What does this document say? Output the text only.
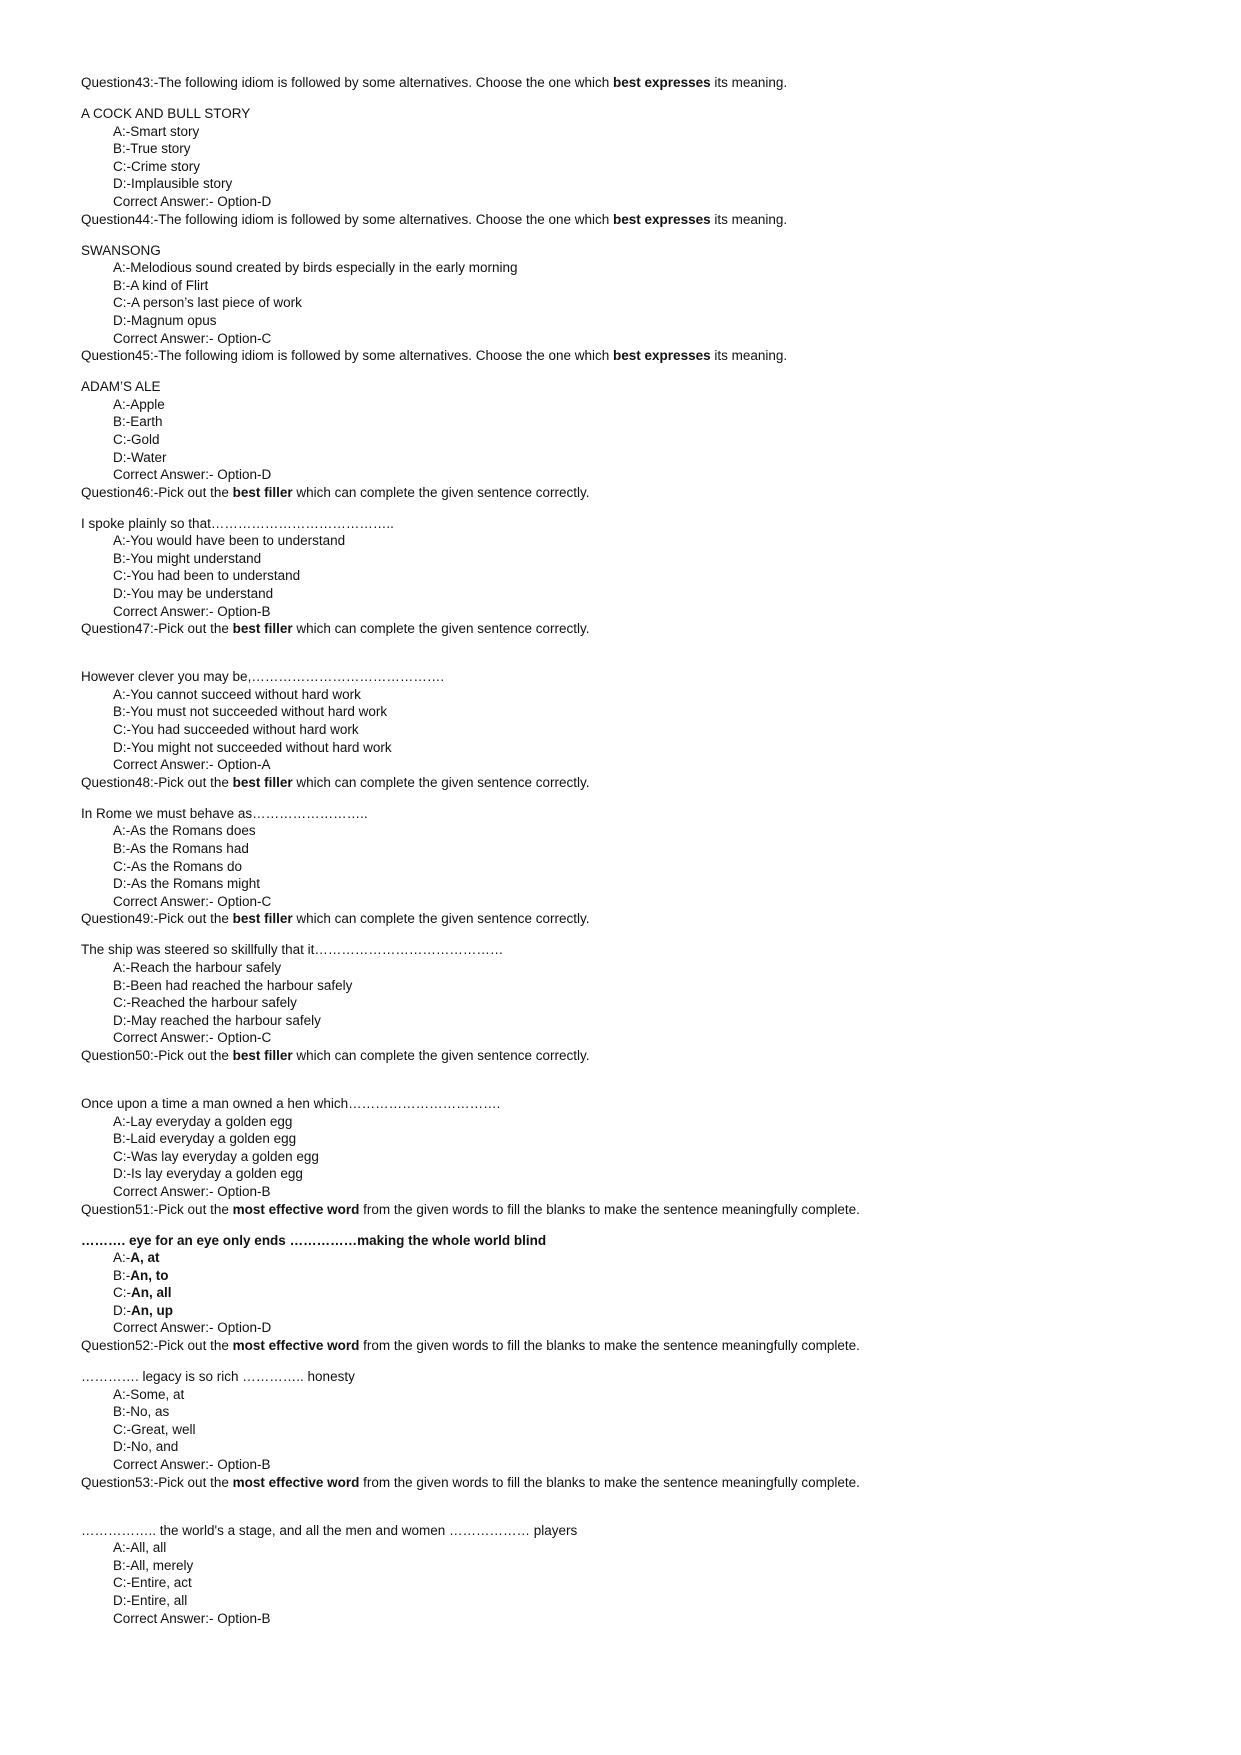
Question43:-The following idiom is followed by some alternatives. Choose the one which best expresses its meaning.
A COCK AND BULL STORY
A:-Smart story
B:-True story
C:-Crime story
D:-Implausible story
Correct Answer:- Option-D
Question44:-The following idiom is followed by some alternatives. Choose the one which best expresses its meaning.
SWANSONG
A:-Melodious sound created by birds especially in the early morning
B:-A kind of Flirt
C:-A person’s last piece of work
D:-Magnum opus
Correct Answer:- Option-C
Question45:-The following idiom is followed by some alternatives. Choose the one which best expresses its meaning.
ADAM’S ALE
A:-Apple
B:-Earth
C:-Gold
D:-Water
Correct Answer:- Option-D
Question46:-Pick out the best filler which can complete the given sentence correctly.
I spoke plainly so that…………………………………..
A:-You would have been to understand
B:-You might understand
C:-You had been to understand
D:-You may be understand
Correct Answer:- Option-B
Question47:-Pick out the best filler which can complete the given sentence correctly.
However clever you may be,…………………………………….
A:-You cannot succeed without hard work
B:-You must not succeeded without hard work
C:-You had succeeded without hard work
D:-You might not succeeded without hard work
Correct Answer:- Option-A
Question48:-Pick out the best filler which can complete the given sentence correctly.
In Rome we must behave as……………………..
A:-As the Romans does
B:-As the Romans had
C:-As the Romans do
D:-As the Romans might
Correct Answer:- Option-C
Question49:-Pick out the best filler which can complete the given sentence correctly.
The ship was steered so skillfully that it……………………………………
A:-Reach the harbour safely
B:-Been had reached the harbour safely
C:-Reached the harbour safely
D:-May reached the harbour safely
Correct Answer:- Option-C
Question50:-Pick out the best filler which can complete the given sentence correctly.
Once upon a time a man owned a hen which…………………………….
A:-Lay everyday a golden egg
B:-Laid everyday a golden egg
C:-Was lay everyday a golden egg
D:-Is lay everyday a golden egg
Correct Answer:- Option-B
Question51:-Pick out the most effective word from the given words to fill the blanks to make the sentence meaningfully complete.
………. eye for an eye only ends ……………making the whole world blind
A:-A, at
B:-An, to
C:-An, all
D:-An, up
Correct Answer:- Option-D
Question52:-Pick out the most effective word from the given words to fill the blanks to make the sentence meaningfully complete.
…………. legacy is so rich ………….. honesty
A:-Some, at
B:-No, as
C:-Great, well
D:-No, and
Correct Answer:- Option-B
Question53:-Pick out the most effective word from the given words to fill the blanks to make the sentence meaningfully complete.
…………….. the world's a stage, and all the men and women ……………… players
A:-All, all
B:-All, merely
C:-Entire, act
D:-Entire, all
Correct Answer:- Option-B
